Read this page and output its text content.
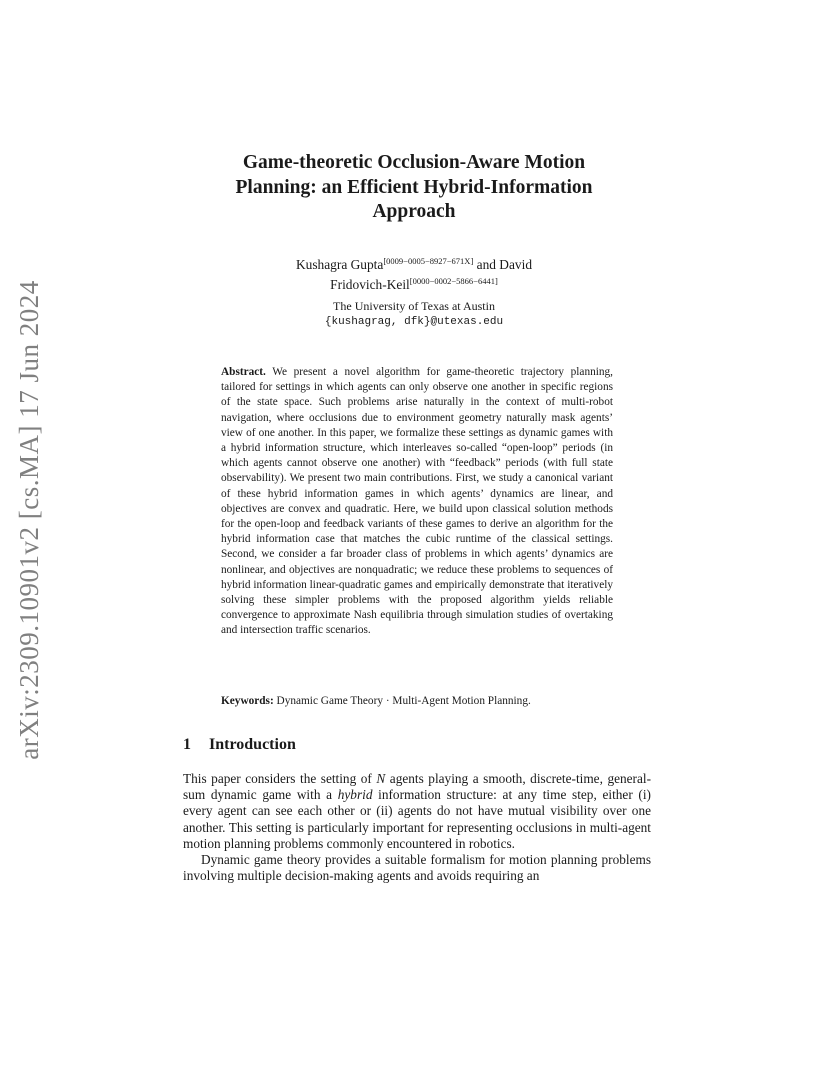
arXiv:2309.10901v2 [cs.MA] 17 Jun 2024
Game-theoretic Occlusion-Aware Motion
Planning: an Efficient Hybrid-Information
Approach
Kushagra Gupta[0009−0005−8927−671X] and David
Fridovich-Keil[0000−0002−5866−6441]
The University of Texas at Austin
{kushagrag, dfk}@utexas.edu
Abstract. We present a novel algorithm for game-theoretic trajectory planning, tailored for settings in which agents can only observe one another in specific regions of the state space. Such problems arise naturally in the context of multi-robot navigation, where occlusions due to environment geometry naturally mask agents’ view of one another. In this paper, we formalize these settings as dynamic games with a hybrid information structure, which interleaves so-called “open-loop” periods (in which agents cannot observe one another) with “feedback” periods (with full state observability). We present two main contributions. First, we study a canonical variant of these hybrid information games in which agents’ dynamics are linear, and objectives are convex and quadratic. Here, we build upon classical solution methods for the open-loop and feedback variants of these games to derive an algorithm for the hybrid information case that matches the cubic runtime of the classical settings. Second, we consider a far broader class of problems in which agents’ dynamics are nonlinear, and objectives are nonquadratic; we reduce these problems to sequences of hybrid information linear-quadratic games and empirically demonstrate that iteratively solving these simpler problems with the proposed algorithm yields reliable convergence to approximate Nash equilibria through simulation studies of overtaking and intersection traffic scenarios.
Keywords: Dynamic Game Theory · Multi-Agent Motion Planning.
1 Introduction

This paper considers the setting of N agents playing a smooth, discrete-time, general-sum dynamic game with a hybrid information structure: at any time step, either (i) every agent can see each other or (ii) agents do not have mutual visibility over one another. This setting is particularly important for representing occlusions in multi-agent motion planning problems commonly encountered in robotics.

Dynamic game theory provides a suitable formalism for motion planning problems involving multiple decision-making agents and avoids requiring an
